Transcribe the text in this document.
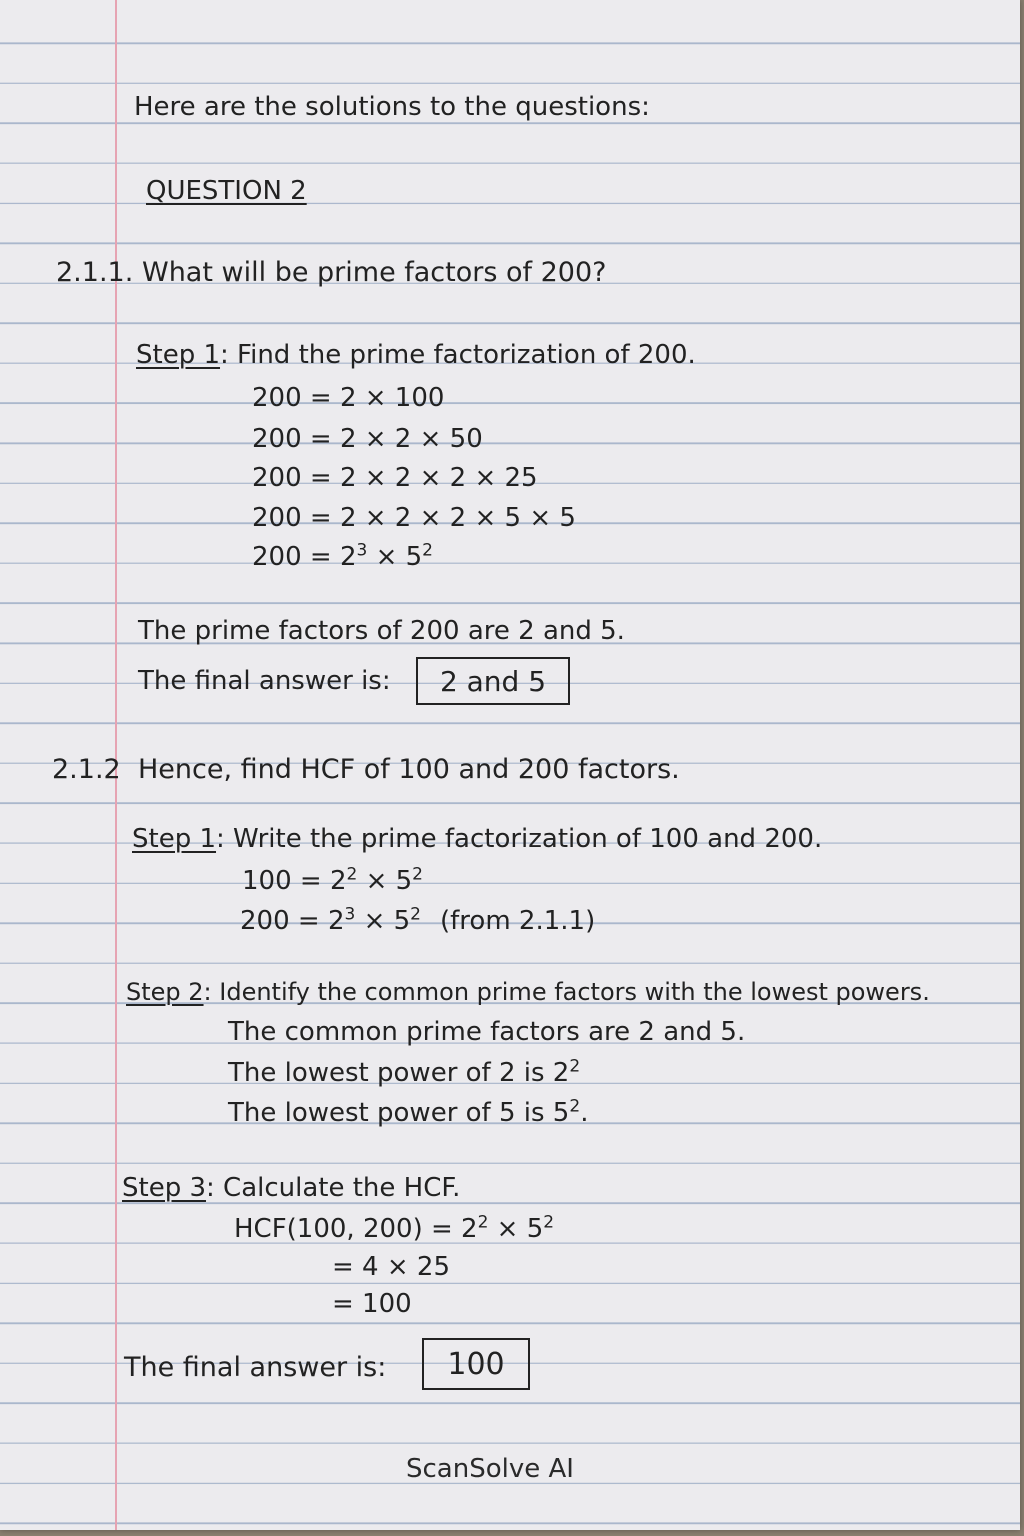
Here are the solutions to the questions:
QUESTION 2
2.1.1. What will be prime factors of 200?
Step 1: Find the prime factorization of 200.
200 = 2 × 100
200 = 2 × 2 × 50
200 = 2 × 2 × 2 × 25
200 = 2 × 2 × 2 × 5 × 5
$200 = 2^3 \times 5^2$
The prime factors of 200 are 2 and 5.
The final answer is:	2 and 5
2.1.2 Hence, find HCF of 100 and 200 factors.
Step 1: Write the prime factorization of 100 and 200.
$100 = 2^2 \times 5^2$
$200 = 2^3 \times 5^2$ (from 2.1.1)
Step 2: Identify the common prime factors with the lowest powers.
The common prime factors are 2 and 5.
The lowest power of 2 is $2^2$
The lowest power of 5 is $5^2$.
Step 3: Calculate the HCF.
HCF(100, $200) = 2^2 \times 5^2$
= 4 × 25
= 100
The final answer is:	100
ScanSolve AI
